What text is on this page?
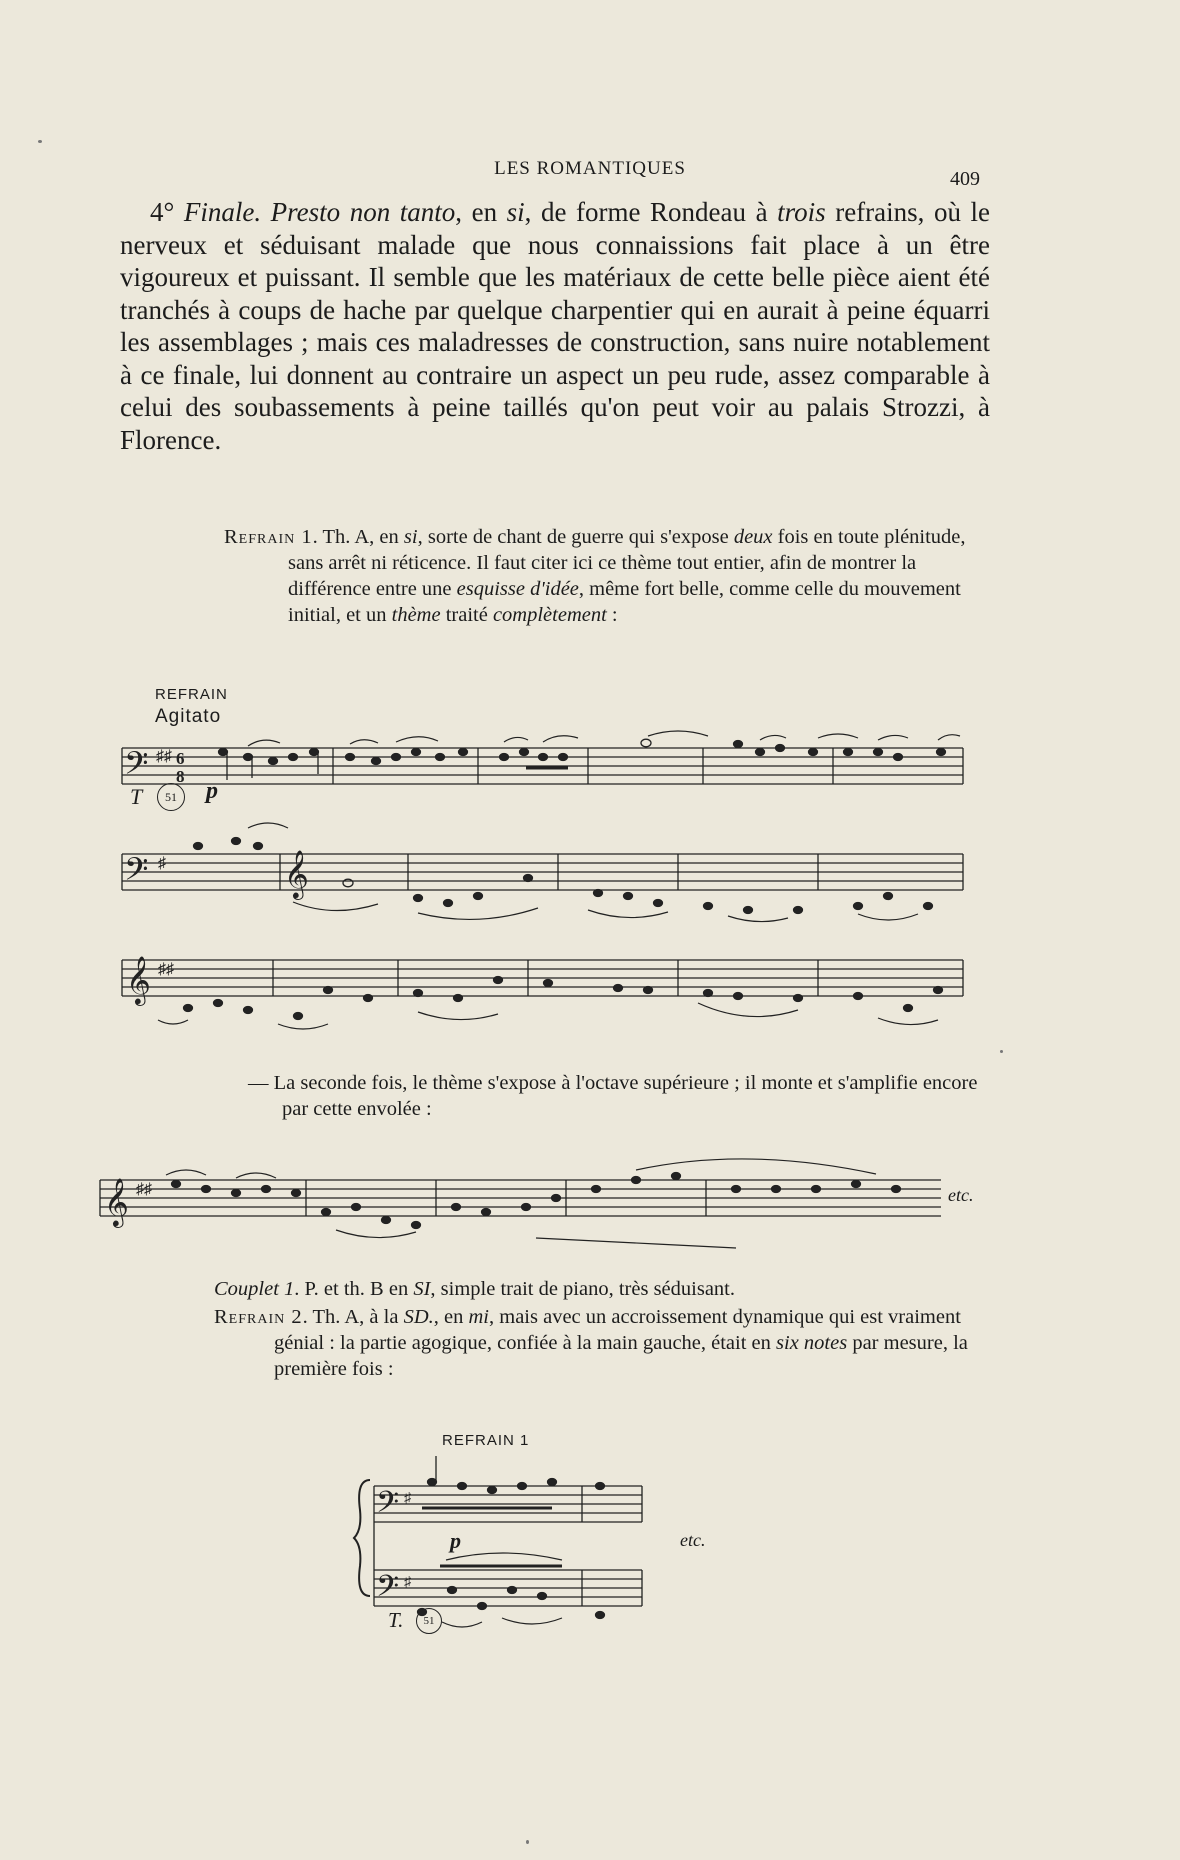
LES ROMANTIQUES	409

4° Finale. Presto non tanto, en si, de forme Rondeau à trois refrains, où le nerveux et séduisant malade que nous connaissions fait place à un être vigoureux et puissant. Il semble que les matériaux de cette belle pièce aient été tranchés à coups de hache par quelque charpentier qui en aurait à peine équarri les assemblages ; mais ces maladresses de construction, sans nuire notablement à ce finale, lui donnent au contraire un aspect un peu rude, assez comparable à celui des soubassements à peine taillés qu'on peut voir au palais Strozzi, à Florence.

Refrain 1. Th. A, en si, sorte de chant de guerre qui s'expose deux fois en toute plénitude, sans arrêt ni réticence. Il faut citer ici ce thème tout entier, afin de montrer la différence entre une esquisse d'idée, même fort belle, comme celle du mouvement initial, et un thème traité complètement :

REFRAIN
Agitato
T	51	p
𝄢 ♯♯ 6
8
𝄢 ♯	𝄞
𝄞 ♯♯

— La seconde fois, le thème s'expose à l'octave supérieure ; il monte et s'amplifie encore par cette envolée :

𝄞 ♯♯	etc.
Couplet 1. P. et th. B en SI, simple trait de piano, très séduisant.

Refrain 2. Th. A, à la SD., en mi, mais avec un accroissement dynamique qui est vraiment génial : la partie agogique, confiée à la main gauche, était en six notes par mesure, la première fois :

REFRAIN 1
𝄢
𝄢
♯
♯
p	etc.
T.	51
